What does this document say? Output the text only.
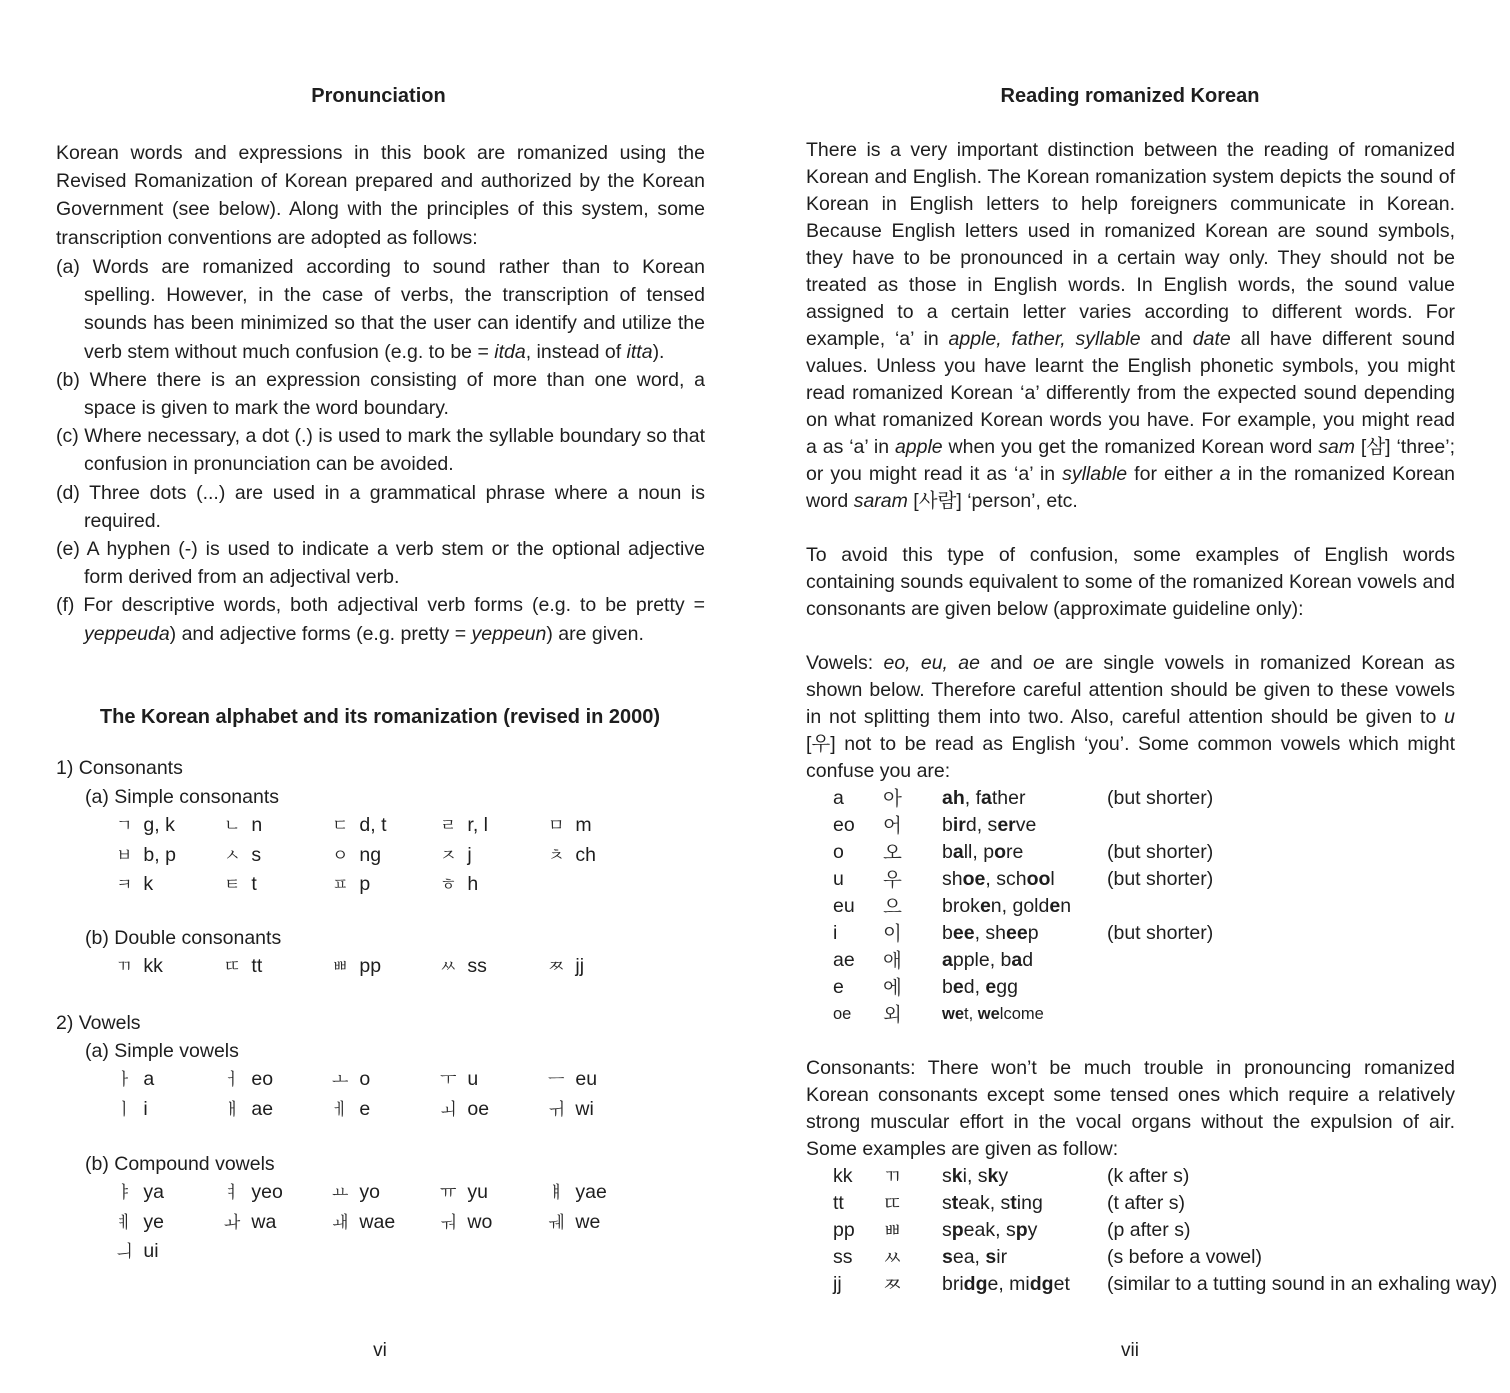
Pronunciation

Korean words and expressions in this book are romanized using the Revised Romanization of Korean prepared and authorized by the Korean Government (see below). Along with the principles of this system, some transcription conventions are adopted as follows:

(a) Words are romanized according to sound rather than to Korean spelling. However, in the case of verbs, the transcription of tensed sounds has been minimized so that the user can identify and utilize the verb stem without much confusion (e.g. to be = itda, instead of itta).
(b) Where there is an expression consisting of more than one word, a space is given to mark the word boundary.
(c) Where necessary, a dot (.) is used to mark the syllable boundary so that confusion in pronunciation can be avoided.
(d) Three dots (...) are used in a grammatical phrase where a noun is required.
(e) A hyphen (-) is used to indicate a verb stem or the optional adjective form derived from an adjectival verb.
(f) For descriptive words, both adjectival verb forms (e.g. to be pretty = yeppeuda) and adjective forms (e.g. pretty = yeppeun) are given.
The Korean alphabet and its romanization (revised in 2000)

1) Consonants

(a) Simple consonants

ㄱ g, k	ㄴ n	ㄷ d, t	ㄹ r, l	ㅁ m
ㅂ b, p	ㅅ s	ㅇ ng	ㅈ j	ㅊ ch
ㅋ k	ㅌ t	ㅍ p	ㅎ h

(b) Double consonants

ㄲ kk	ㄸ tt	ㅃ pp	ㅆ ss	ㅉ jj

2) Vowels

(a) Simple vowels

ㅏ a	ㅓ eo	ㅗ o	ㅜ u	ㅡ eu
ㅣ i	ㅐ ae	ㅔ e	ㅚ oe	ㅟ wi

(b) Compound vowels

ㅑ ya	ㅕ yeo	ㅛ yo	ㅠ yu	ㅒ yae
ㅖ ye	ㅘ wa	ㅙ wae	ㅝ wo	ㅞ we
ㅢ ui
vi
Reading romanized Korean

There is a very important distinction between the reading of romanized Korean and English. The Korean romanization system depicts the sound of Korean in English letters to help foreigners communicate in Korean. Because English letters used in romanized Korean are sound symbols, they have to be pronounced in a certain way only. They should not be treated as those in English words. In English words, the sound value assigned to a certain letter varies according to different words. For example, ‘a’ in apple, father, syllable and date all have different sound values. Unless you have learnt the English phonetic symbols, you might read romanized Korean ‘a’ differently from the expected sound depending on what romanized Korean words you have. For example, you might read a as ‘a’ in apple when you get the romanized Korean word sam [삼] ‘three’; or you might read it as ‘a’ in syllable for either a in the romanized Korean word saram [사람] ‘person’, etc.

To avoid this type of confusion, some examples of English words containing sounds equivalent to some of the romanized Korean vowels and consonants are given below (approximate guideline only):

Vowels: eo, eu, ae and oe are single vowels in romanized Korean as shown below. Therefore careful attention should be given to these vowels in not splitting them into two. Also, careful attention should be given to u [우] not to be read as English ‘you’. Some common vowels which might confuse you are:

Consonants: There won’t be much trouble in pronouncing romanized Korean consonants except some tensed ones which require a relatively strong muscular effort in the vocal organs without the expulsion of air. Some examples are given as follow:

vii
a	아	ah, father	(but shorter)
eo	어	bird, serve	
o	오	ball, pore	(but shorter)
u	우	shoe, school	(but shorter)
eu	으	broken, golden	
i	이	bee, sheep	(but shorter)
ae	애	apple, bad	
e	에	bed, egg	
oe	외	wet, welcome	
kk	ㄲ	ski, sky	(k after s)
tt	ㄸ	steak, sting	(t after s)
pp	ㅃ	speak, spy	(p after s)
ss	ㅆ	sea, sir	(s before a vowel)
jj	ㅉ	bridge, midget	(similar to a tutting sound in an exhaling way)
